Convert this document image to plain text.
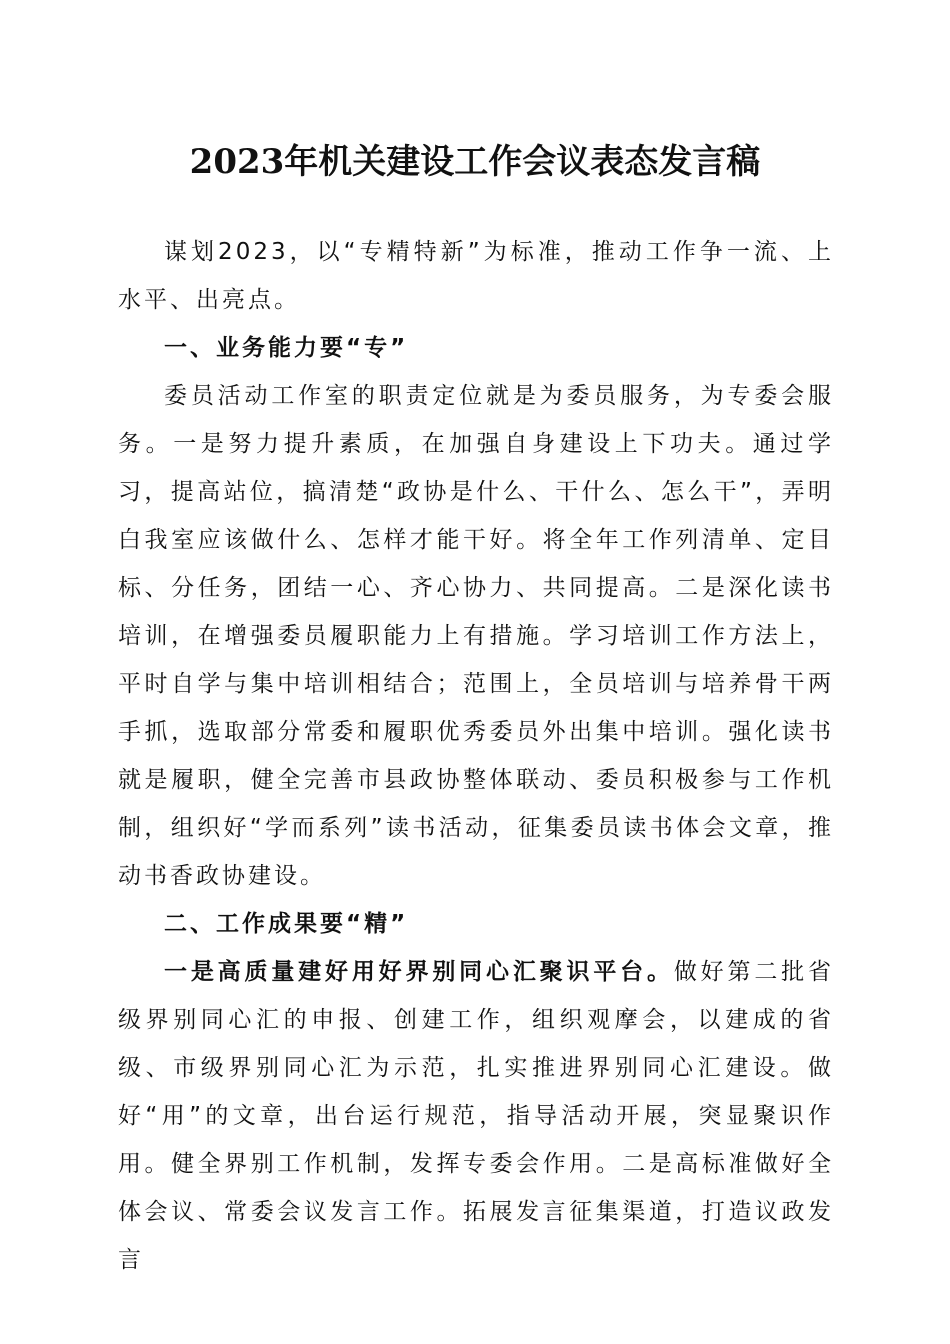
2023年机关建设工作会议表态发言稿

谋划2023，以“专精特新”为标准，推动工作争一流、上水平、出亮点。

一、业务能力要“专”

委员活动工作室的职责定位就是为委员服务，为专委会服务。一是努力提升素质，在加强自身建设上下功夫。通过学习，提高站位，搞清楚“政协是什么、干什么、怎么干”，弄明白我室应该做什么、怎样才能干好。将全年工作列清单、定目标、分任务，团结一心、齐心协力、共同提高。二是深化读书培训，在增强委员履职能力上有措施。学习培训工作方法上，平时自学与集中培训相结合；范围上，全员培训与培养骨干两手抓，选取部分常委和履职优秀委员外出集中培训。强化读书就是履职，健全完善市县政协整体联动、委员积极参与工作机制，组织好“学而系列”读书活动，征集委员读书体会文章，推动书香政协建设。

二、工作成果要“精”

一是高质量建好用好界别同心汇聚识平台。做好第二批省级界别同心汇的申报、创建工作，组织观摩会，以建成的省级、市级界别同心汇为示范，扎实推进界别同心汇建设。做好“用”的文章，出台运行规范，指导活动开展，突显聚识作用。健全界别工作机制，发挥专委会作用。二是高标准做好全体会议、常委会议发言工作。拓展发言征集渠道，打造议政发言
